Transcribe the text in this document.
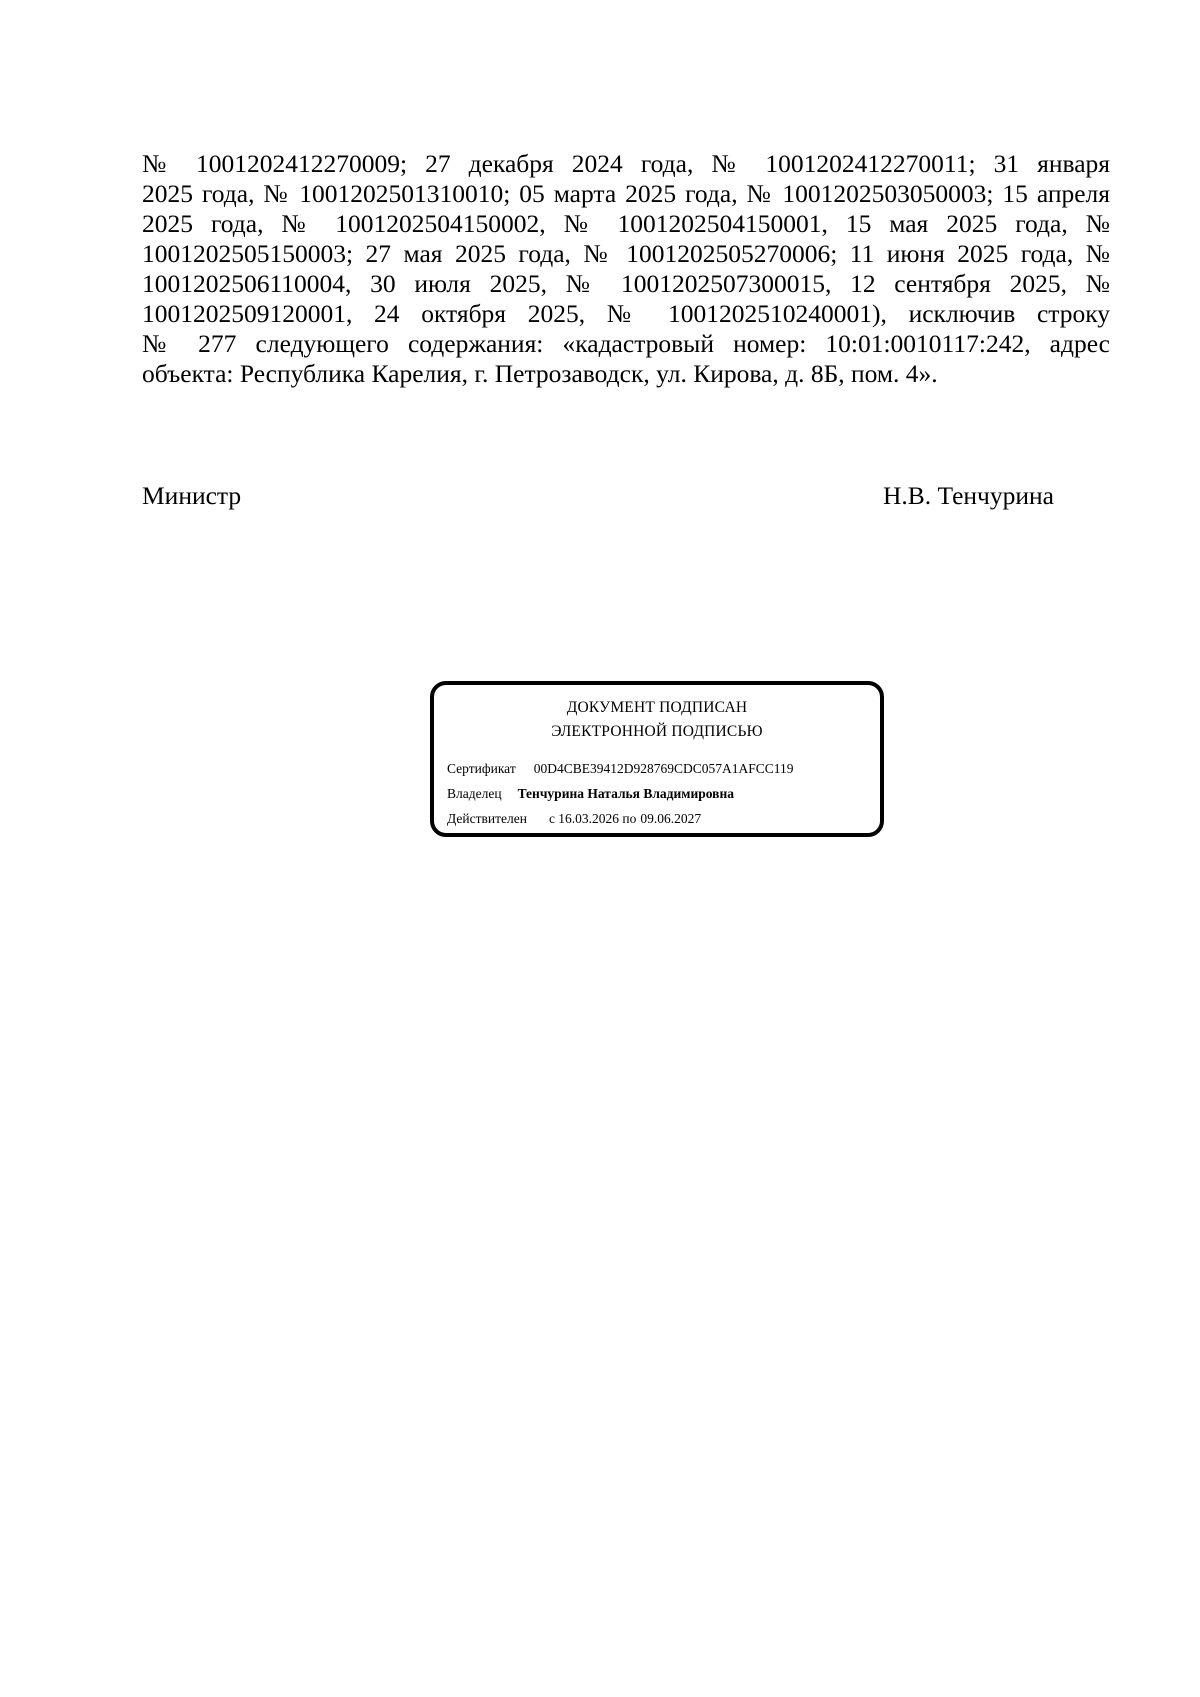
№ 1001202412270009; 27 декабря 2024 года, № 1001202412270011; 31 января
2025 года, № 1001202501310010; 05 марта 2025 года, № 1001202503050003; 15 апреля
2025 года, № 1001202504150002, № 1001202504150001, 15 мая 2025 года, №
1001202505150003; 27 мая 2025 года, № 1001202505270006; 11 июня 2025 года, №
1001202506110004, 30 июля 2025, № 1001202507300015, 12 сентября 2025, №
1001202509120001, 24 октября 2025, № 1001202510240001), исключив строку
№ 277 следующего содержания: «кадастровый номер: 10:01:0010117:242, адрес
объекта: Республика Карелия, г. Петрозаводск, ул. Кирова, д. 8Б, пом. 4».
Министр	Н.В. Тенчурина
ДОКУМЕНТ ПОДПИСАН
ЭЛЕКТРОННОЙ ПОДПИСЬЮ
Сертификат 00D4CBE39412D928769CDC057A1AFCC119
Владелец Тенчурина Наталья Владимировна
Действителен с 16.03.2026 по 09.06.2027
